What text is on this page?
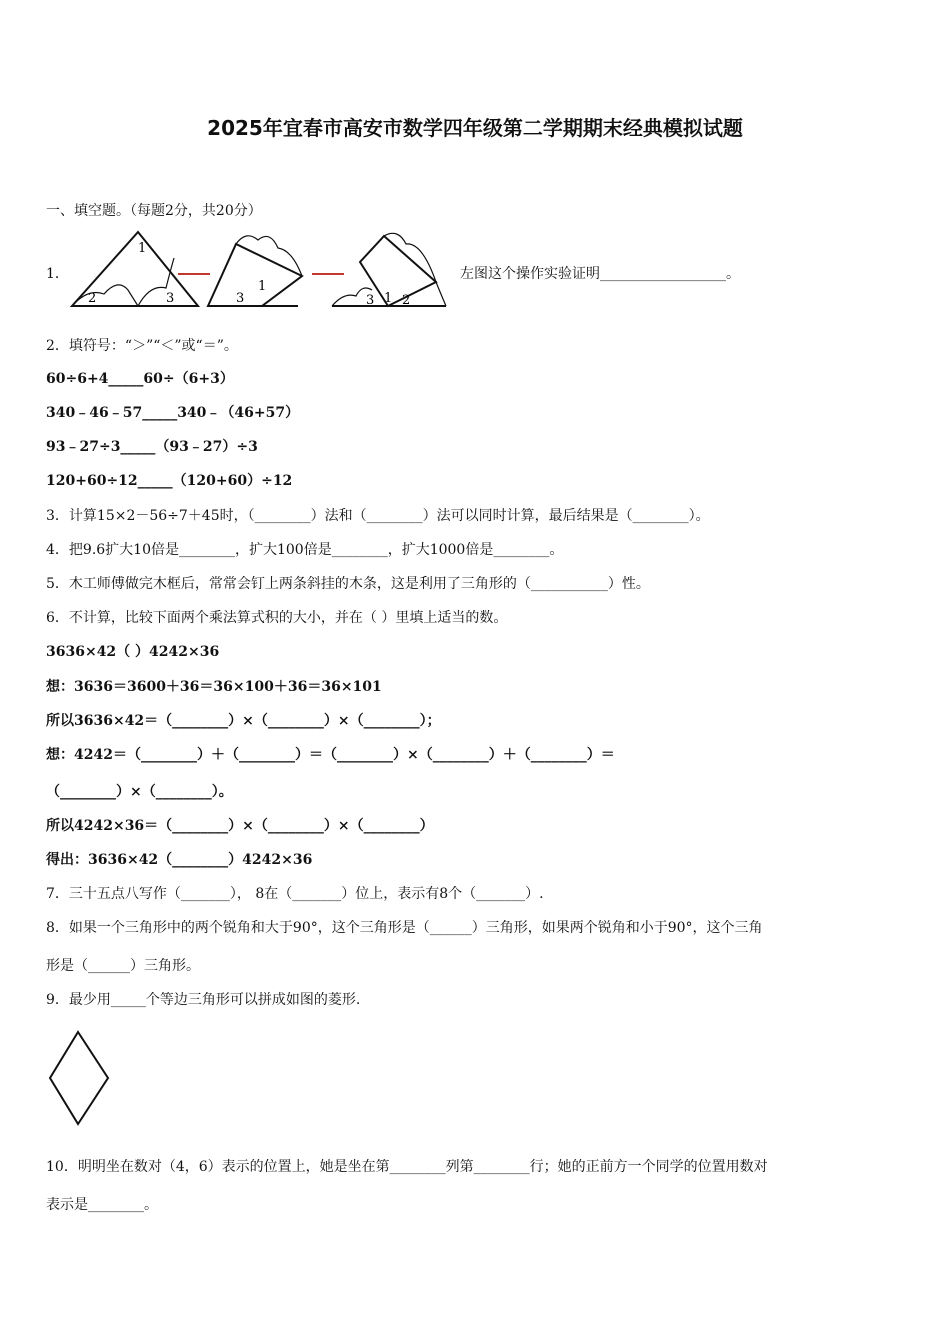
2025年宜春市高安市数学四年级第二学期期末经典模拟试题
一、填空题。（每题2分，共20分）
1．
1
2	3	3
1
3 1 2
左图这个操作实验证明__________________。
2．填符号：“＞”“＜”或“＝”。
60÷6+4_____60÷（6+3）
340﹣46﹣57_____340﹣（46+57）
93﹣27÷3_____（93﹣27）÷3
120+60÷12_____（120+60）÷12
3．计算15×2－56÷7＋45时，（________）法和（________）法可以同时计算，最后结果是（________）。
4．把9.6扩大10倍是________，扩大100倍是________，扩大1000倍是________。
5．木工师傅做完木框后，常常会钉上两条斜挂的木条，这是利用了三角形的（___________）性。
6．不计算，比较下面两个乘法算式积的大小，并在（ ）里填上适当的数。
3636×42（ ）4242×36
想：3636＝3600＋36＝36×100＋36＝36×101
所以3636×42＝（________）×（________）×（________）；
想：4242＝（________）＋（________）＝（________）×（________）＋（________）＝
（________）×（________）。
所以4242×36＝（________）×（________）×（________）
得出：3636×42（________）4242×36
7．三十五点八写作（_______）， 8在（_______）位上，表示有8个（_______）.
8．如果一个三角形中的两个锐角和大于90°，这个三角形是（______）三角形，如果两个锐角和小于90°，这个三角
形是（______）三角形。
9．最少用_____个等边三角形可以拼成如图的菱形.
10．明明坐在数对（4，6）表示的位置上，她是坐在第________列第________行；她的正前方一个同学的位置用数对
表示是________。
